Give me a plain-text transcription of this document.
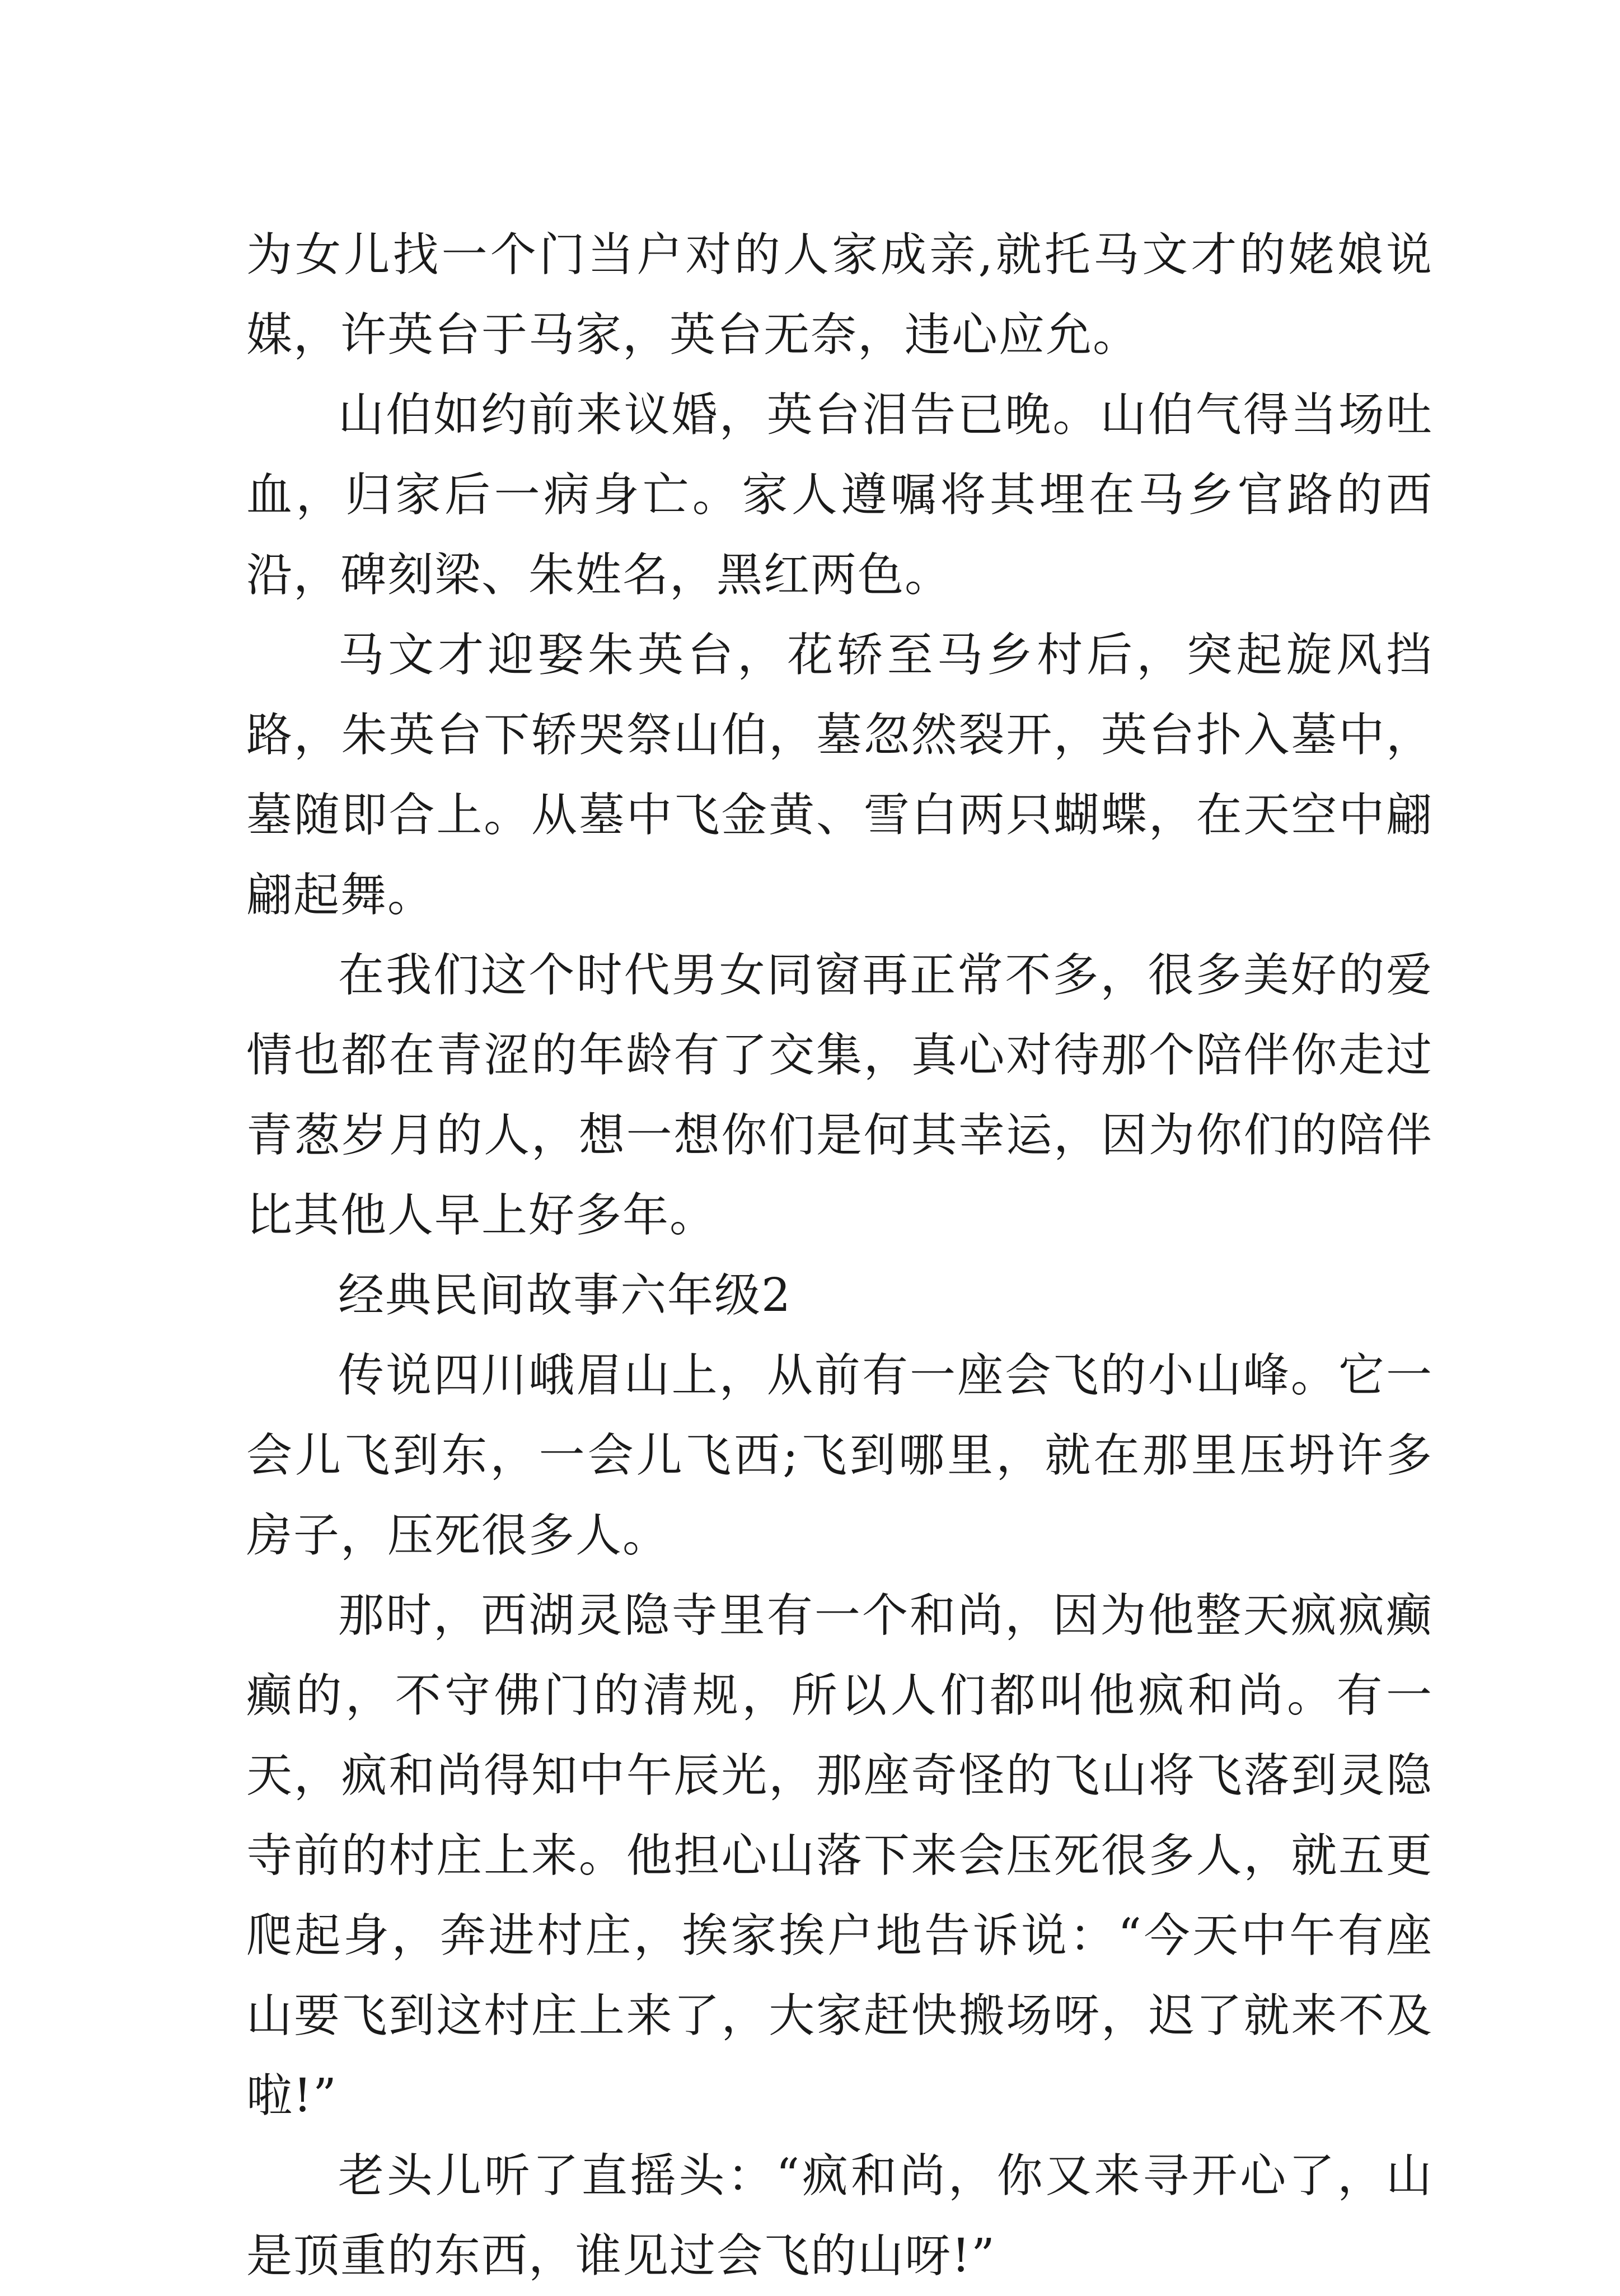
为女儿找一个门当户对的人家成亲,就托马文才的姥娘说媒，许英台于马家，英台无奈，违心应允。

山伯如约前来议婚，英台泪告已晚。山伯气得当场吐血，归家后一病身亡。家人遵嘱将其埋在马乡官路的西沿，碑刻梁、朱姓名，黑红两色。

马文才迎娶朱英台，花轿至马乡村后，突起旋风挡路，朱英台下轿哭祭山伯，墓忽然裂开，英台扑入墓中，墓随即合上。从墓中飞金黄、雪白两只蝴蝶，在天空中翩翩起舞。

在我们这个时代男女同窗再正常不多，很多美好的爱情也都在青涩的年龄有了交集，真心对待那个陪伴你走过青葱岁月的人，想一想你们是何其幸运，因为你们的陪伴比其他人早上好多年。

经典民间故事六年级2

传说四川峨眉山上，从前有一座会飞的小山峰。它一会儿飞到东，一会儿飞西;飞到哪里，就在那里压坍许多房子，压死很多人。

那时，西湖灵隐寺里有一个和尚，因为他整天疯疯癫癫的，不守佛门的清规，所以人们都叫他疯和尚。有一天，疯和尚得知中午辰光，那座奇怪的飞山将飞落到灵隐寺前的村庄上来。他担心山落下来会压死很多人，就五更爬起身，奔进村庄，挨家挨户地告诉说：“今天中午有座山要飞到这村庄上来了，大家赶快搬场呀，迟了就来不及啦!”

老头儿听了直摇头：“疯和尚，你又来寻开心了，山是顶重的东西，谁见过会飞的山呀!”
